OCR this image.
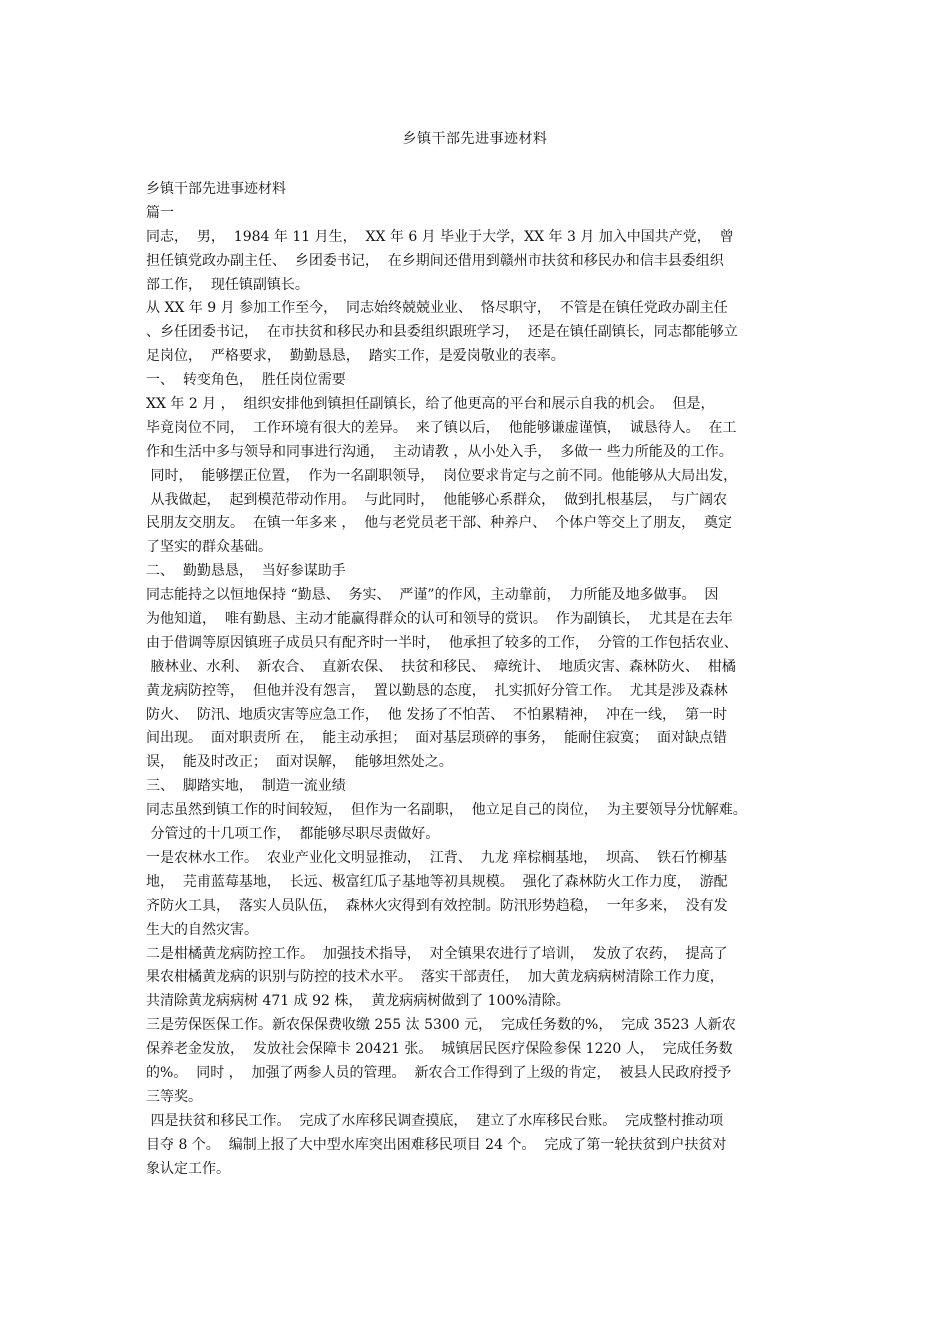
乡镇干部先进事迹材料
乡镇干部先进事迹材料
篇一
同志，  男，  1984 年 11 月生，  XX 年 6 月 毕业于大学，XX 年 3 月 加入中国共产党，  曾
担任镇党政办副主任、  乡团委书记，  在乡期间还借用到赣州市扶贫和移民办和信丰县委组织
部工作，  现任镇副镇长。
从 XX 年 9 月 参加工作至今，  同志始终兢兢业业、  恪尽职守，  不管是在镇任党政办副主任
、乡任团委书记，  在市扶贫和移民办和县委组织跟班学习，  还是在镇任副镇长，同志都能够立
足岗位，  严格要求，  勤勤恳恳，  踏实工作，是爱岗敬业的表率。
一、  转变角色，  胜任岗位需要
XX 年 2 月 ，  组织安排他到镇担任副镇长，给了他更高的平台和展示自我的机会。  但是，
毕竟岗位不同，  工作环境有很大的差异。  来了镇以后，  他能够谦虚谨慎，  诚恳待人。  在工
作和生活中多与领导和同事进行沟通，  主动请教 ，从小处入手，  多做一 些力所能及的工作。
同时，  能够摆正位置，  作为一名副职领导，  岗位要求肯定与之前不同。他能够从大局出发，
从我做起，  起到模范带动作用。  与此同时，  他能够心系群众，  做到扎根基层，  与广阔农
民朋友交朋友。  在镇一年多来 ，  他与老党员老干部、种养户、  个体户等交上了朋友，  奠定
了坚实的群众基础。
二、  勤勤恳恳，  当好参谋助手
同志能持之以恒地保持 “勤恳、  务实、  严谨”的作风，主动靠前，  力所能及地多做事。  因
为他知道，  唯有勤恳、主动才能赢得群众的认可和领导的赏识。  作为副镇长，  尤其是在去年
由于借调等原因镇班子成员只有配齐时一半时，  他承担了较多的工作，  分管的工作包括农业、
腋林业、水利、  新农合、  直新农保、  扶贫和移民、  瘴统计、  地质灾害、森林防火、  柑橘
黄龙病防控等，  但他并没有怨言，  置以勤恳的态度，  扎实抓好分管工作。  尤其是涉及森林
防火、  防汛、地质灾害等应急工作，  他 发扬了不怕苦、  不怕累精神，  冲在一线，  第一时
间出现。  面对职责所 在，  能主动承担；  面对基层琐碎的事务，  能耐住寂寞；  面对缺点错
误，  能及时改正；  面对误解，  能够坦然处之。
三、  脚踏实地，  制造一流业绩
同志虽然到镇工作的时间较短，  但作为一名副职，  他立足自己的岗位，  为主要领导分忧解难。
分管过的十几项工作，  都能够尽职尽责做好。
一是农林水工作。  农业产业化文明显推动，  江背、  九龙 痒棕榈基地，  坝高、  铁石竹柳基
地，  芫甫蓝莓基地，  长远、极富红瓜子基地等初具规模。  强化了森林防火工作力度，  游配
齐防火工具，  落实人员队伍，  森林火灾得到有效控制。防汛形势趋稳，  一年多来，  没有发
生大的自然灾害。
二是柑橘黄龙病防控工作。  加强技术指导，  对全镇果农进行了培训，  发放了农药，  提高了
果农柑橘黄龙病的识别与防控的技术水平。  落实干部责任，  加大黄龙病病树清除工作力度，
共清除黄龙病病树 471 成 92 株，  黄龙病病树做到了 100%清除。
三是劳保医保工作。新农保保费收缴 255 汰 5300 元，  完成任务数的%，  完成 3523 人新农
保养老金发放，  发放社会保障卡 20421 张。  城镇居民医疗保险参保 1220 人，  完成任务数
的%。  同时 ，  加强了两参人员的管理。  新农合工作得到了上级的肯定，  被县人民政府授予
三等奖。
四是扶贫和移民工作。  完成了水库移民调查摸底，  建立了水库移民台账。  完成整村推动项
目夺 8 个。  编制上报了大中型水库突出困难移民项目 24 个。  完成了第一轮扶贫到户扶贫对
象认定工作。
